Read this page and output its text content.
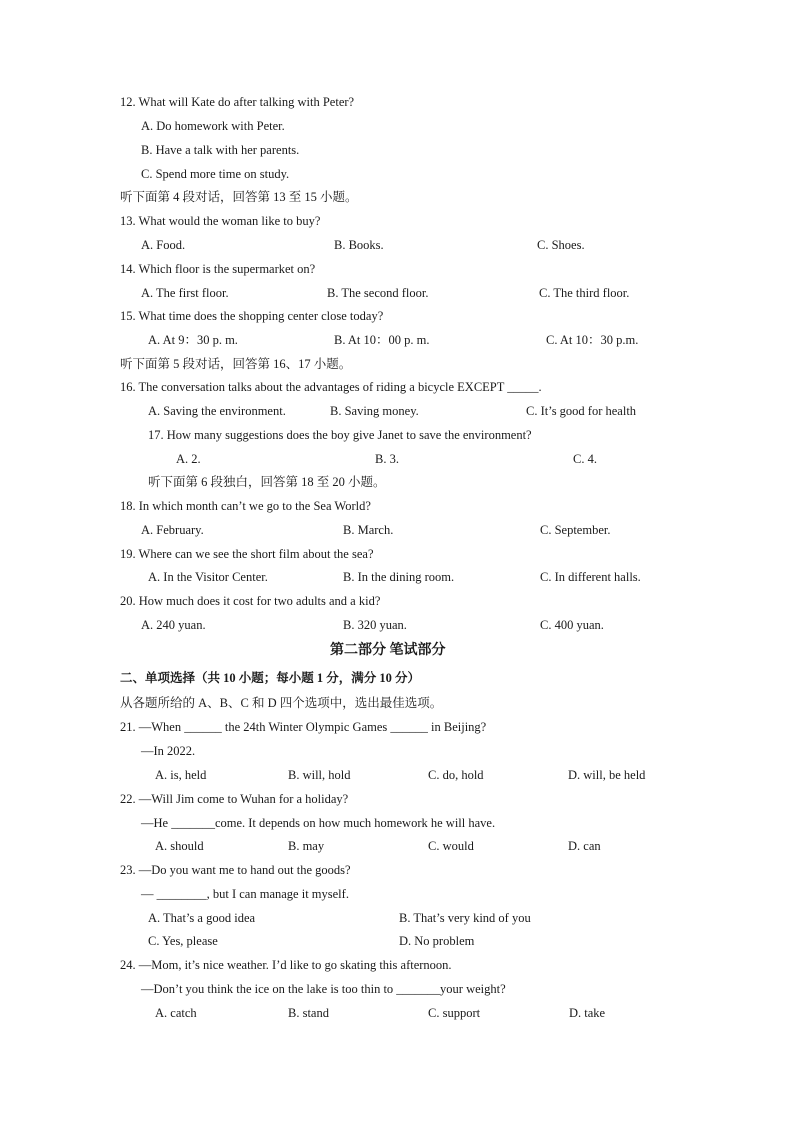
12. What will Kate do after talking with Peter?
A. Do homework with Peter.
B. Have a talk with her parents.
C. Spend more time on study.
听下面第 4 段对话，回答第 13 至 15 小题。
13. What would the woman like to buy?
A. Food.	B. Books.	C. Shoes.
14. Which floor is the supermarket on?
A. The first floor.	B. The second floor.	C. The third floor.
15. What time does the shopping center close today?
A. At 9：30 p. m.	B. At 10：00 p. m.	C. At 10：30 p.m.
听下面第 5 段对话，回答第 16、17 小题。
16. The conversation talks about the advantages of riding a bicycle EXCEPT _____.
A. Saving the environment.	B. Saving money.	C. It’s good for health
17. How many suggestions does the boy give Janet to save the environment?
A. 2.	B. 3.	C. 4.
听下面第 6 段独白，回答第 18 至 20 小题。
18. In which month can’t we go to the Sea World?
A. February.	B. March.	C. September.
19. Where can we see the short film about the sea?
A. In the Visitor Center.	B. In the dining room.	C. In different halls.
20. How much does it cost for two adults and a kid?
A. 240 yuan.	B. 320 yuan.	C. 400 yuan.
第二部分 笔试部分
二、单项选择（共 10 小题；每小题 1 分，满分 10 分）
从各题所给的 A、B、C 和 D 四个选项中，选出最佳选项。
21. —When ______ the 24th Winter Olympic Games ______ in Beijing?
—In 2022.
A. is, held	B. will, hold	C. do, hold	D. will, be held
22. —Will Jim come to Wuhan for a holiday?
—He _______come. It depends on how much homework he will have.
A. should	B. may	C. would	D. can
23. —Do you want me to hand out the goods?
— ________, but I can manage it myself.
A. That’s a good idea	B. That’s very kind of you
C. Yes, please	D. No problem
24. —Mom, it’s nice weather. I’d like to go skating this afternoon.
—Don’t you think the ice on the lake is too thin to _______your weight?
A. catch	B. stand	C. support	D. take
